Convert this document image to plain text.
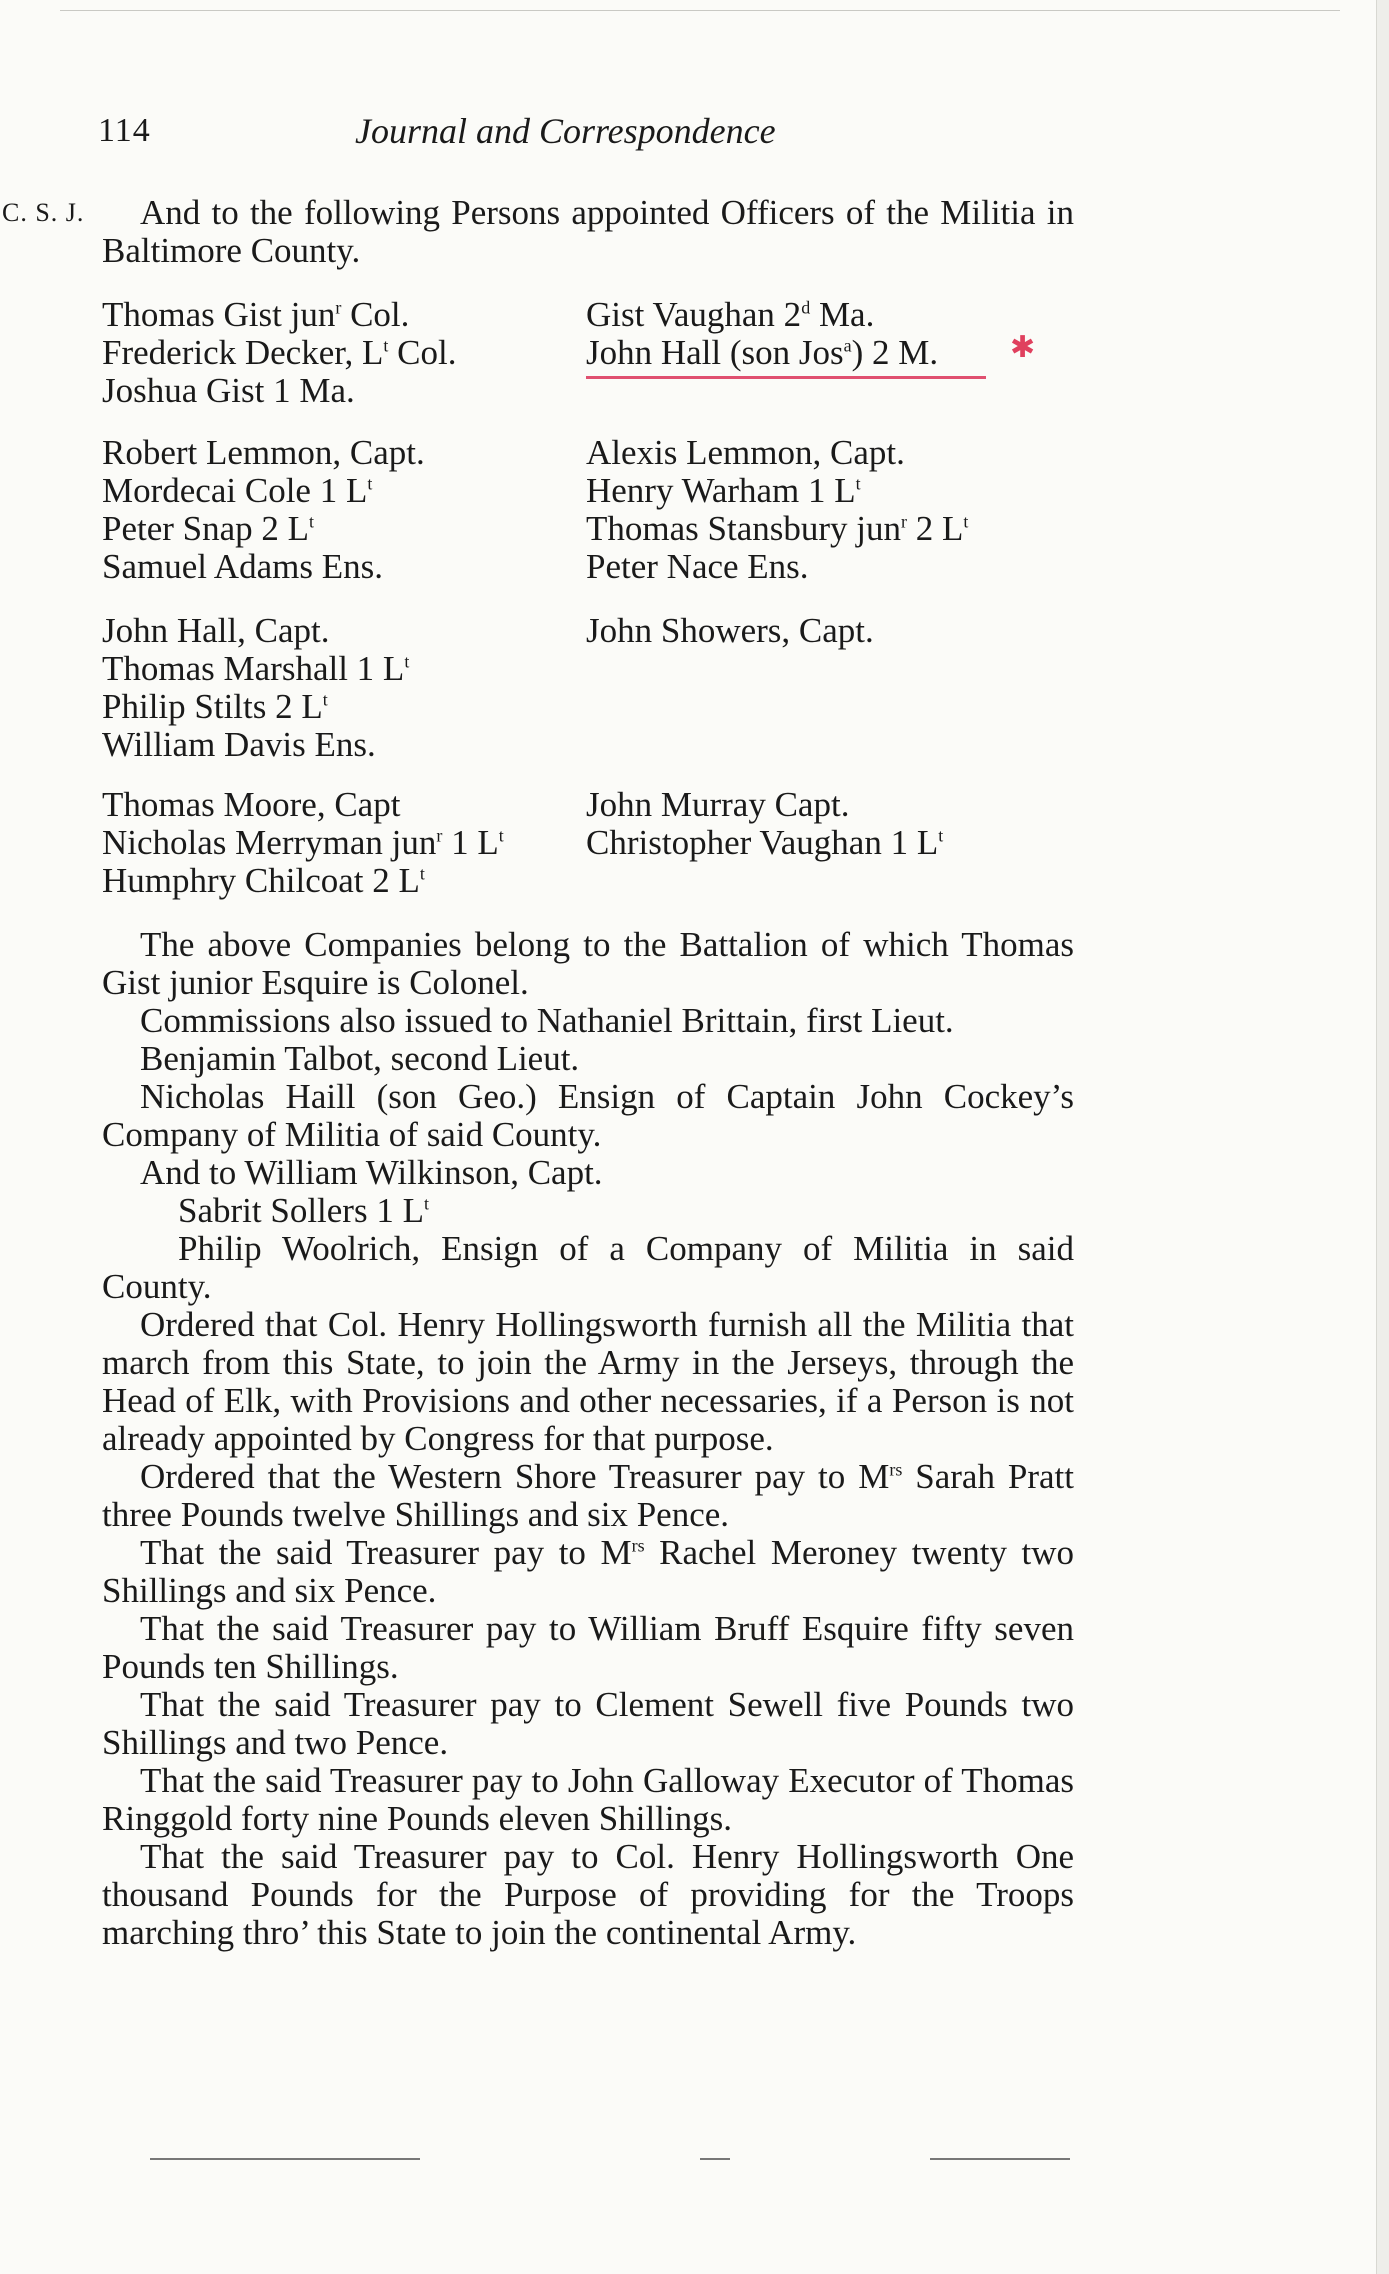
114	Journal and Correspondence
C. S. J.	And to the following Persons appointed Officers of the Militia in Baltimore County.
Thomas Gist jun$^r$ Col.
Frederick Decker, $L^t$ Col.
Joshua Gist 1 Ma.
Gist Vaughan 2$^d$ Ma.
John Hall (son Jos$^a$) 2 M. ✱
Robert Lemmon, Capt.
Mordecai Cole 1 $L^t$
Peter Snap 2 $L^t$
Samuel Adams Ens.
Alexis Lemmon, Capt.
Henry Warham 1 $L^t$
Thomas Stansbury jun$^r$ 2 $L^t$
Peter Nace Ens.
John Hall, Capt.
Thomas Marshall 1 $L^t$
Philip Stilts 2 $L^t$
William Davis Ens.
John Showers, Capt.
Thomas Moore, Capt
Nicholas Merryman jun$^r$ 1 $L^t$
Humphry Chilcoat 2 $L^t$
John Murray Capt.
Christopher Vaughan 1 $L^t$
The above Companies belong to the Battalion of which Thomas Gist junior Esquire is Colonel.
Commissions also issued to Nathaniel Brittain, first Lieut.
Benjamin Talbot, second Lieut.
Nicholas Haill (son Geo.) Ensign of Captain John Cockey’s Company of Militia of said County.
And to William Wilkinson, Capt.
Sabrit Sollers 1 $L^t$
Philip Woolrich, Ensign of a Company of Militia in said County.
Ordered that Col. Henry Hollingsworth furnish all the Militia that march from this State, to join the Army in the Jerseys, through the Head of Elk, with Provisions and other necessaries, if a Person is not already appointed by Congress for that purpose.
Ordered that the Western Shore Treasurer pay to $M^{rs}$ Sarah Pratt three Pounds twelve Shillings and six Pence.
That the said Treasurer pay to $M^{rs}$ Rachel Meroney twenty two Shillings and six Pence.
That the said Treasurer pay to William Bruff Esquire fifty seven Pounds ten Shillings.
That the said Treasurer pay to Clement Sewell five Pounds two Shillings and two Pence.
That the said Treasurer pay to John Galloway Executor of Thomas Ringgold forty nine Pounds eleven Shillings.
That the said Treasurer pay to Col. Henry Hollingsworth One thousand Pounds for the Purpose of providing for the Troops marching thro’ this State to join the continental Army.
